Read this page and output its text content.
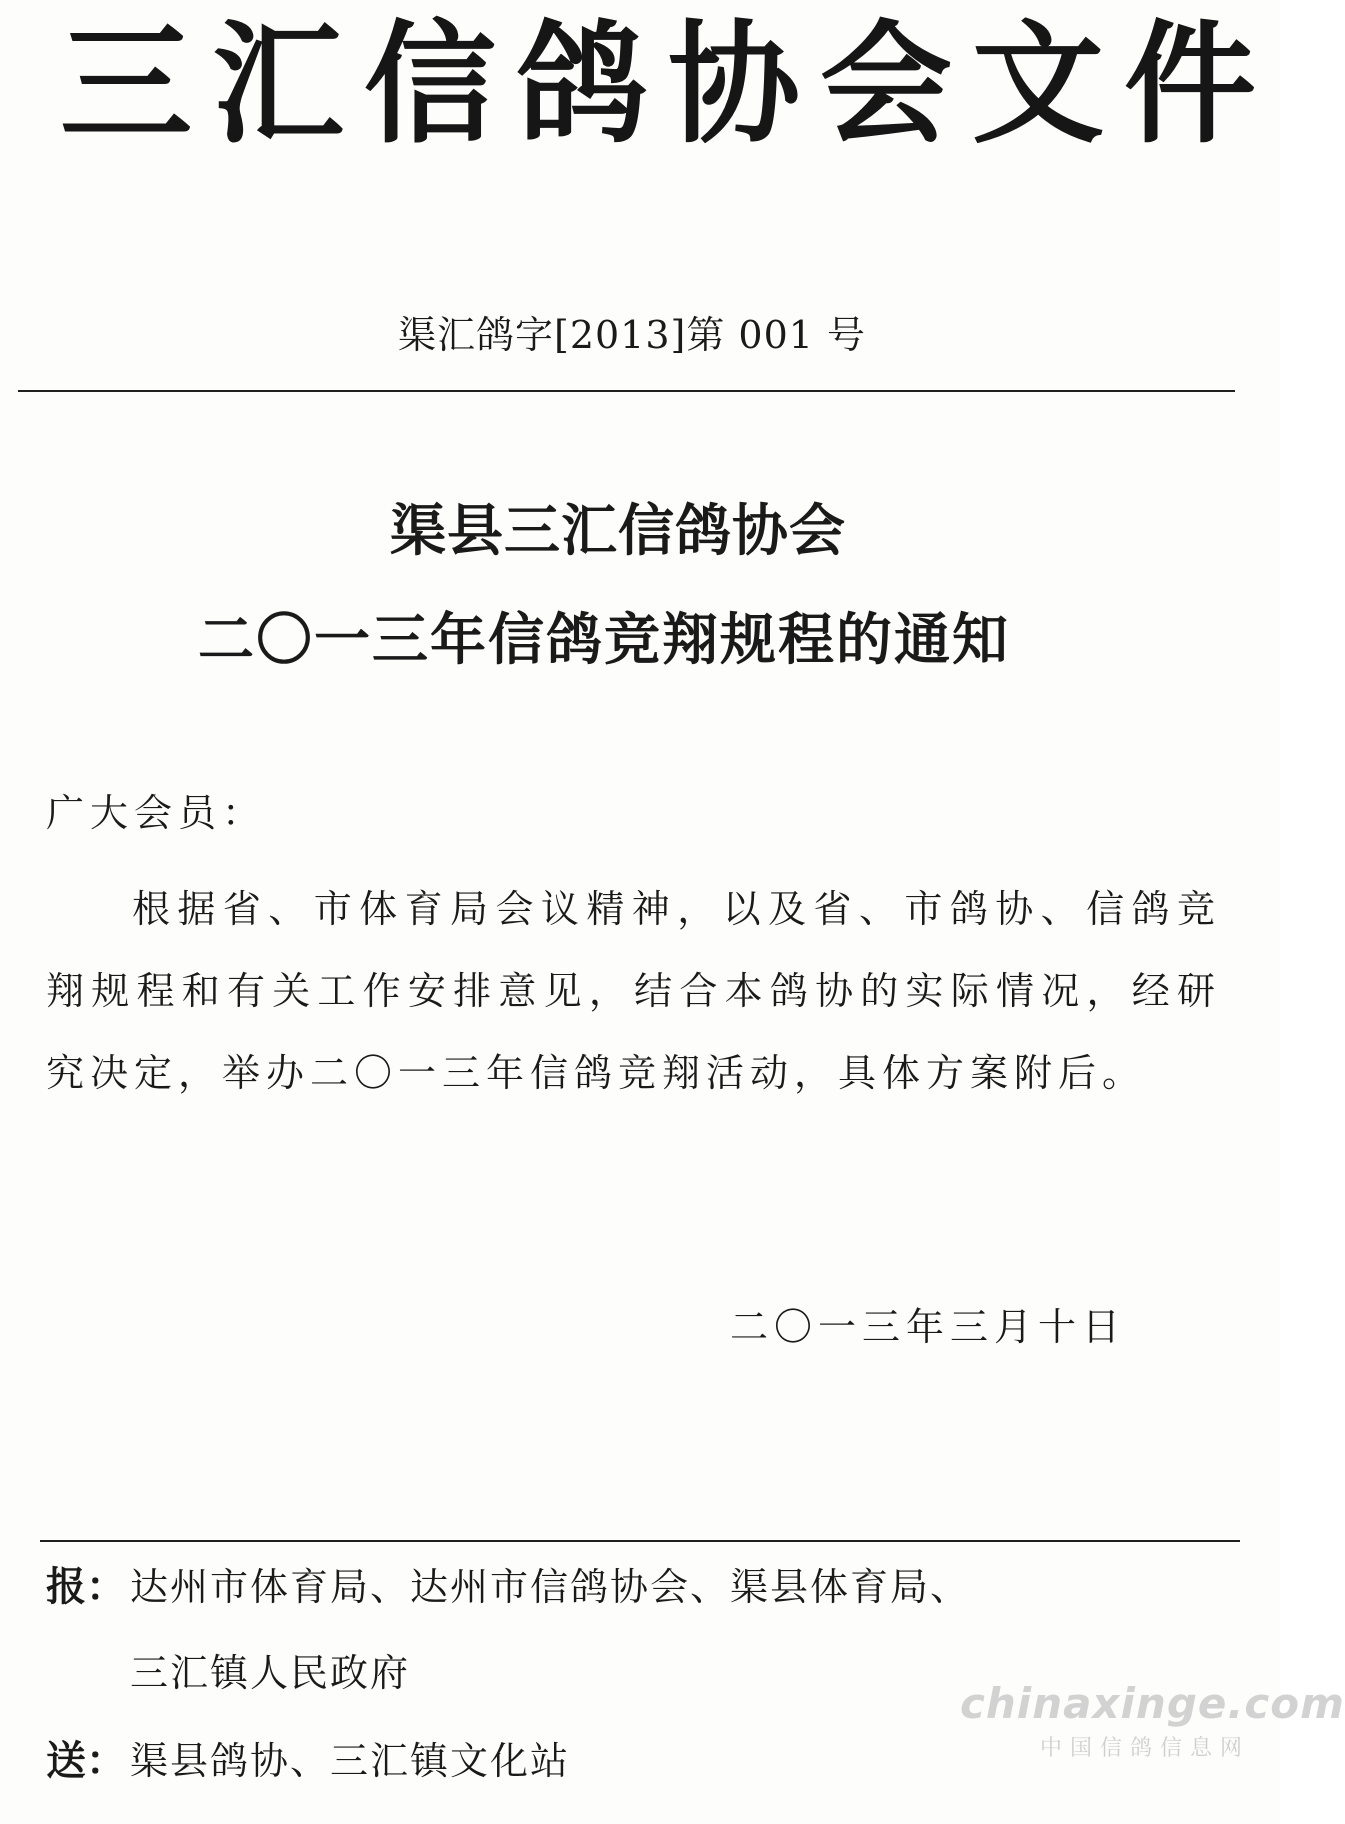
三汇信鸽协会文件
渠汇鸽字[2013]第 001 号
渠县三汇信鸽协会
二〇一三年信鸽竞翔规程的通知
广大会员：

根据省、市体育局会议精神，以及省、市鸽协、信鸽竞翔规程和有关工作安排意见，结合本鸽协的实际情况，经研究决定，举办二〇一三年信鸽竞翔活动，具体方案附后。

二〇一三年三月十日
报： 达州市体育局、达州市信鸽协会、渠县体育局、
三汇镇人民政府
送： 渠县鸽协、三汇镇文化站
chinaxinge.com
中国信鸽信息网
